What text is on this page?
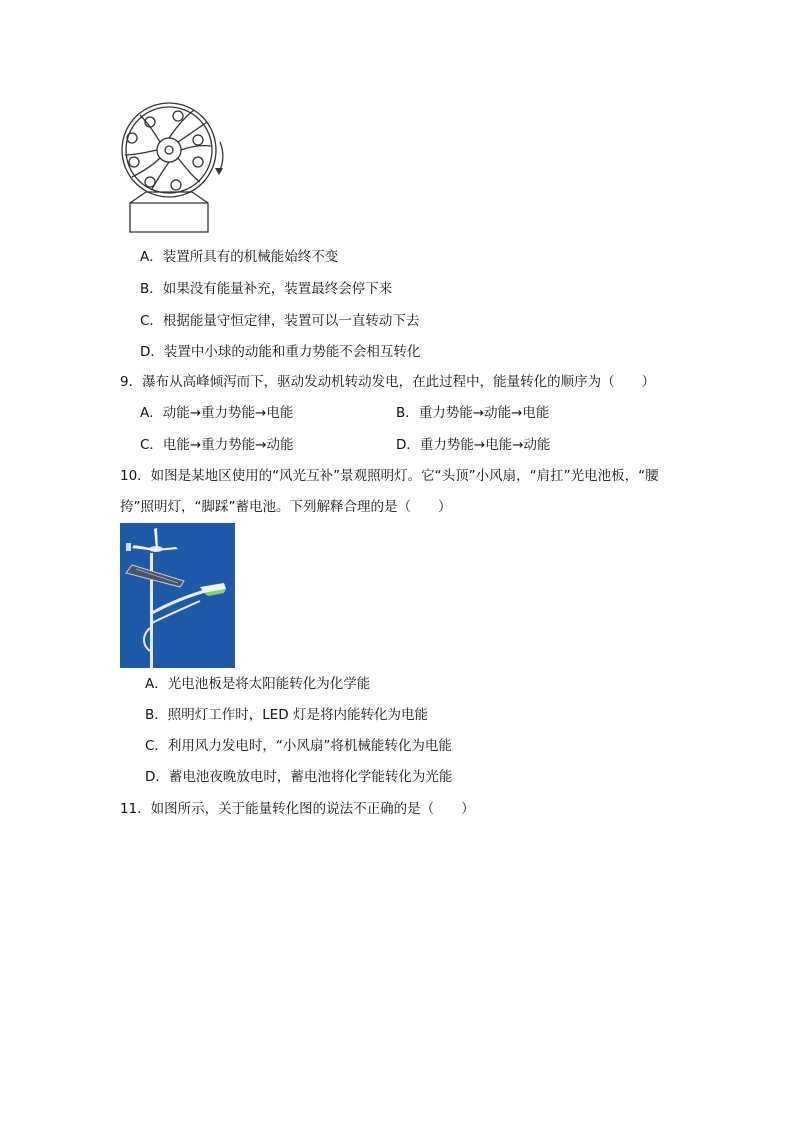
A．装置所具有的机械能始终不变
B．如果没有能量补充，装置最终会停下来
C．根据能量守恒定律，装置可以一直转动下去
D．装置中小球的动能和重力势能不会相互转化
9．瀑布从高峰倾泻而下，驱动发动机转动发电，在此过程中，能量转化的顺序为（　　）
A．动能→重力势能→电能	B．重力势能→动能→电能
C．电能→重力势能→动能	D．重力势能→电能→动能
10．如图是某地区使用的“风光互补”景观照明灯。它“头顶”小风扇，“肩扛”光电池板，“腰
挎”照明灯，“脚踩”蓄电池。下列解释合理的是（　　）
A．光电池板是将太阳能转化为化学能
B．照明灯工作时，LED 灯是将内能转化为电能
C．利用风力发电时，“小风扇”将机械能转化为电能
D．蓄电池夜晚放电时，蓄电池将化学能转化为光能
11．如图所示，关于能量转化图的说法不正确的是（　　）
